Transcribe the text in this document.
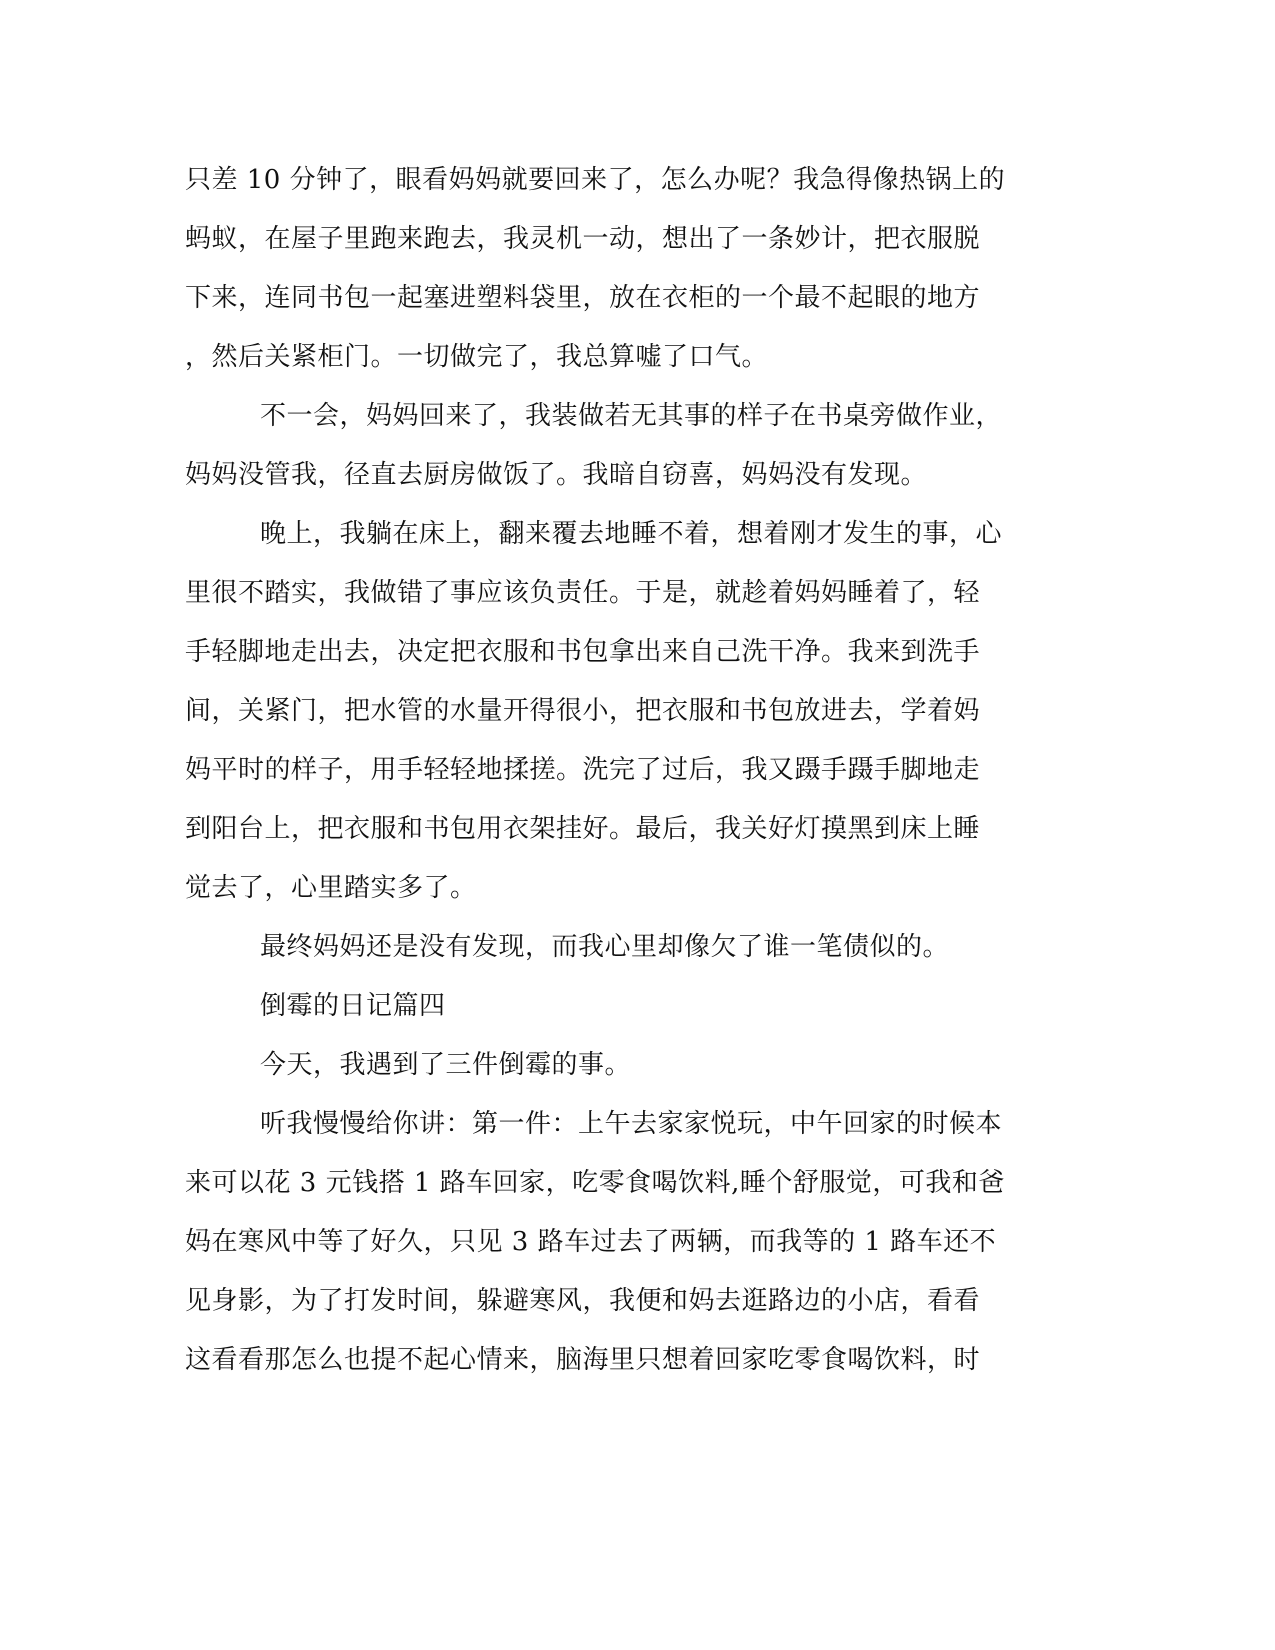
只差 10 分钟了，眼看妈妈就要回来了，怎么办呢？我急得像热锅上的
蚂蚁，在屋子里跑来跑去，我灵机一动，想出了一条妙计，把衣服脱
下来，连同书包一起塞进塑料袋里，放在衣柜的一个最不起眼的地方
，然后关紧柜门。一切做完了，我总算嘘了口气。
不一会，妈妈回来了，我装做若无其事的样子在书桌旁做作业，
妈妈没管我，径直去厨房做饭了。我暗自窃喜，妈妈没有发现。
晚上，我躺在床上，翻来覆去地睡不着，想着刚才发生的事，心
里很不踏实，我做错了事应该负责任。于是，就趁着妈妈睡着了，轻
手轻脚地走出去，决定把衣服和书包拿出来自己洗干净。我来到洗手
间，关紧门，把水管的水量开得很小，把衣服和书包放进去，学着妈
妈平时的样子，用手轻轻地揉搓。洗完了过后，我又蹑手蹑手脚地走
到阳台上，把衣服和书包用衣架挂好。最后，我关好灯摸黑到床上睡
觉去了，心里踏实多了。
最终妈妈还是没有发现，而我心里却像欠了谁一笔债似的。
倒霉的日记篇四
今天，我遇到了三件倒霉的事。
听我慢慢给你讲：第一件：上午去家家悦玩，中午回家的时候本
来可以花 3 元钱搭 1 路车回家，吃零食喝饮料,睡个舒服觉，可我和爸
妈在寒风中等了好久，只见 3 路车过去了两辆，而我等的 1 路车还不
见身影，为了打发时间，躲避寒风，我便和妈去逛路边的小店，看看
这看看那怎么也提不起心情来，脑海里只想着回家吃零食喝饮料，时
